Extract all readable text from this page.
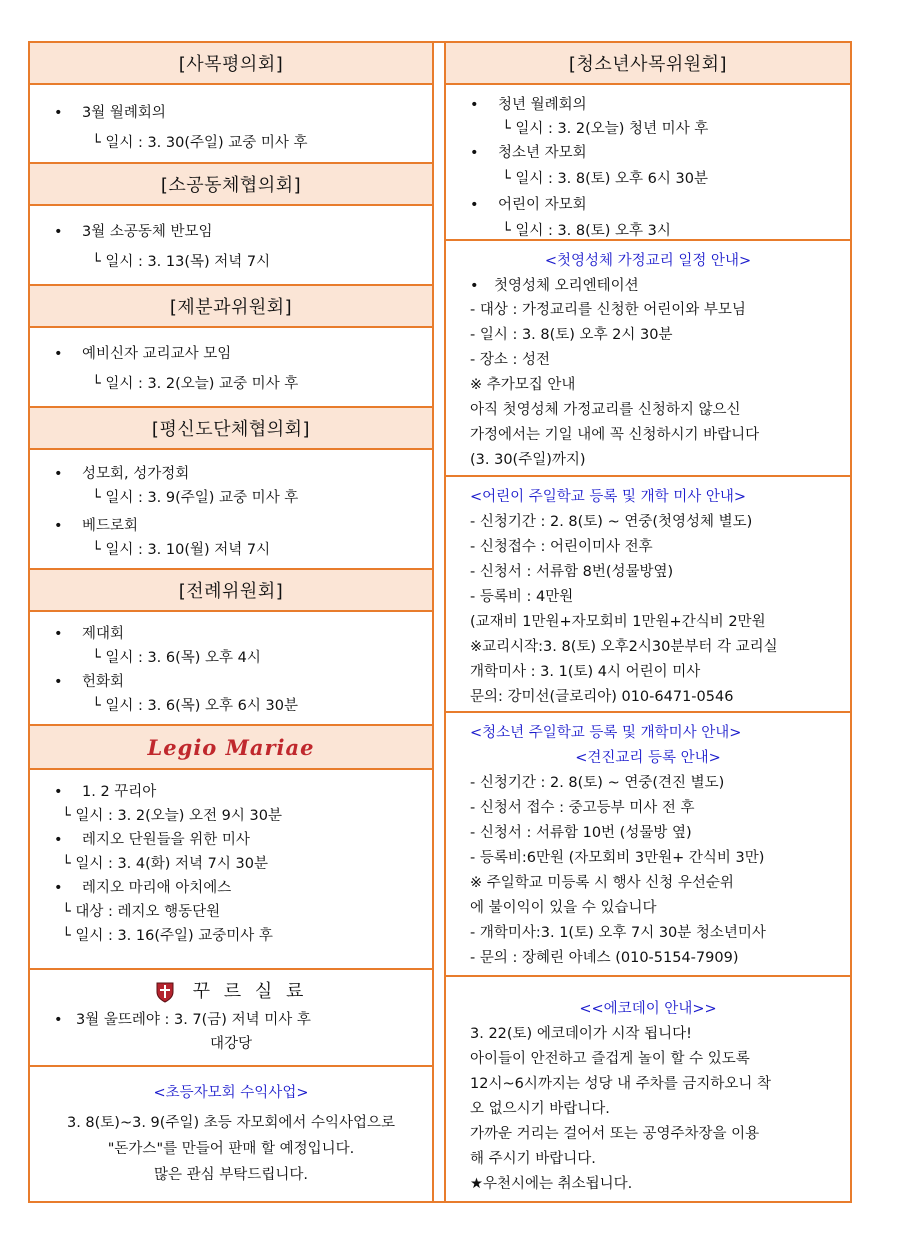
[사목평의회]
• 3월 월례회의
└ 일시 : 3. 30(주일) 교중 미사 후
[소공동체협의회]
• 3월 소공동체 반모임
└ 일시 : 3. 13(목) 저녁 7시
[제분과위원회]
• 예비신자 교리교사 모임
└ 일시 : 3. 2(오늘) 교중 미사 후
[평신도단체협의회]
• 성모회, 성가정회
└ 일시 : 3. 9(주일) 교중 미사 후
• 베드로회
└ 일시 : 3. 10(월) 저녁 7시
[전례위원회]
• 제대회
└ 일시 : 3. 6(목) 오후 4시
• 헌화회
└ 일시 : 3. 6(목) 오후 6시 30분
Legio Mariae
• 1. 2 꾸리아
└ 일시 : 3. 2(오늘) 오전 9시 30분
• 레지오 단원들을 위한 미사
└ 일시 : 3. 4(화) 저녁 7시 30분
• 레지오 마리애 아치에스
└ 대상 : 레지오 행동단원
└ 일시 : 3. 16(주일) 교중미사 후
꾸 르 실 료
• 3월 울뜨레야 : 3. 7(금) 저녁 미사 후
대강당
<초등자모회 수익사업>
3. 8(토)~3. 9(주일) 초등 자모회에서 수익사업으로
"돈가스"를 만들어 판매 할 예정입니다.
많은 관심 부탁드립니다.
[청소년사목위원회]
• 청년 월례회의
└ 일시 : 3. 2(오늘) 청년 미사 후
• 청소년 자모회
└ 일시 : 3. 8(토) 오후 6시 30분
• 어린이 자모회
└ 일시 : 3. 8(토) 오후 3시
<첫영성체 가정교리 일정 안내>
• 첫영성체 오리엔테이션
- 대상 : 가정교리를 신청한 어린이와 부모님
- 일시 : 3. 8(토) 오후 2시 30분
- 장소 : 성전
※ 추가모집 안내
아직 첫영성체 가정교리를 신청하지 않으신
가정에서는 기일 내에 꼭 신청하시기 바랍니다
(3. 30(주일)까지)
<어린이 주일학교 등록 및 개학 미사 안내>
- 신청기간 : 2. 8(토) ~ 연중(첫영성체 별도)
- 신청접수 : 어린이미사 전후
- 신청서 : 서류함 8번(성물방옆)
- 등록비 : 4만원
(교재비 1만원+자모회비 1만원+간식비 2만원
※교리시작:3. 8(토) 오후2시30분부터 각 교리실
개학미사 : 3. 1(토) 4시 어린이 미사
문의: 강미선(글로리아) 010-6471-0546
<청소년 주일학교 등록 및 개학미사 안내>
<견진교리 등록 안내>
- 신청기간 : 2. 8(토) ~ 연중(견진 별도)
- 신청서 접수 : 중고등부 미사 전 후
- 신청서 : 서류함 10번 (성물방 옆)
- 등록비:6만원 (자모회비 3만원+ 간식비 3만)
※ 주일학교 미등록 시 행사 신청 우선순위
에 불이익이 있을 수 있습니다
- 개학미사:3. 1(토) 오후 7시 30분 청소년미사
- 문의 : 장혜린 아녜스 (010-5154-7909)
<<에코데이 안내>>
3. 22(토) 에코데이가 시작 됩니다!
아이들이 안전하고 즐겁게 놀이 할 수 있도록
12시~6시까지는 성당 내 주차를 금지하오니 착
오 없으시기 바랍니다.
가까운 거리는 걸어서 또는 공영주차장을 이용
해 주시기 바랍니다.
★우천시에는 취소됩니다.
